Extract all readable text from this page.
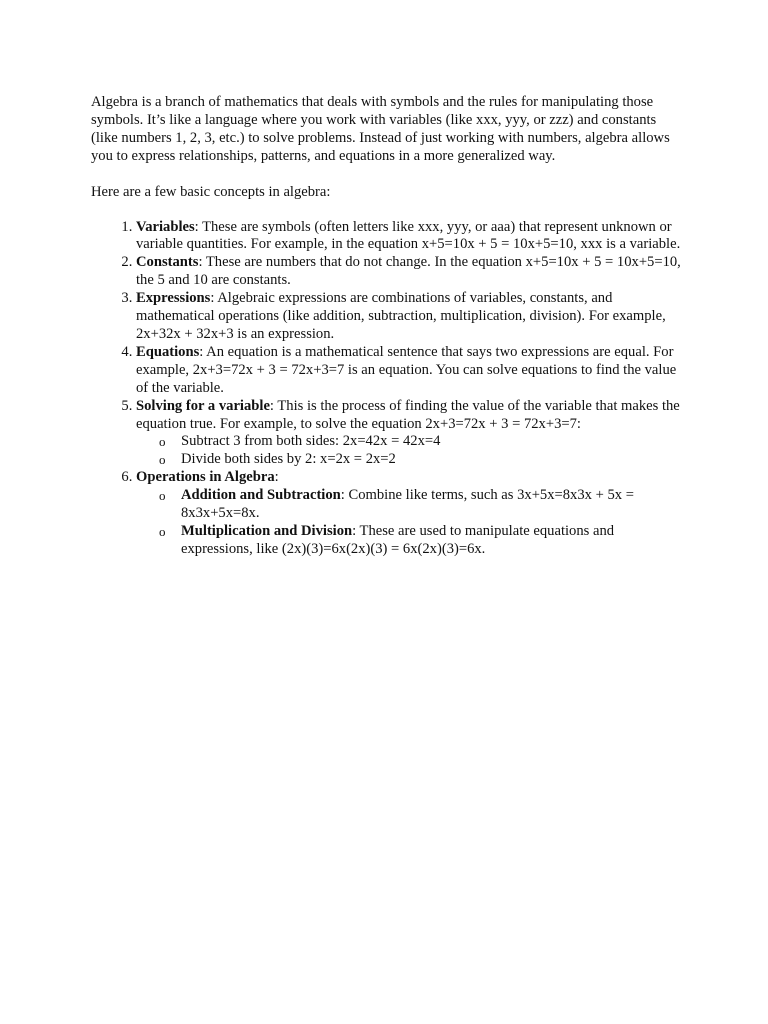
Algebra is a branch of mathematics that deals with symbols and the rules for manipulating those symbols. It’s like a language where you work with variables (like xxx, yyy, or zzz) and constants (like numbers 1, 2, 3, etc.) to solve problems. Instead of just working with numbers, algebra allows you to express relationships, patterns, and equations in a more generalized way.

Here are a few basic concepts in algebra:

1. Variables: These are symbols (often letters like xxx, yyy, or aaa) that represent unknown or variable quantities. For example, in the equation x+5=10x + 5 = 10x+5=10, xxx is a variable.
2. Constants: These are numbers that do not change. In the equation x+5=10x + 5 = 10x+5=10, the 5 and 10 are constants.
3. Expressions: Algebraic expressions are combinations of variables, constants, and mathematical operations (like addition, subtraction, multiplication, division). For example, 2x+32x + 32x+3 is an expression.
4. Equations: An equation is a mathematical sentence that says two expressions are equal. For example, 2x+3=72x + 3 = 72x+3=7 is an equation. You can solve equations to find the value of the variable.
5. Solving for a variable: This is the process of finding the value of the variable that makes the equation true. For example, to solve the equation 2x+3=72x + 3 = 72x+3=7:
o Subtract 3 from both sides: 2x=42x = 42x=4
o Divide both sides by 2: x=2x = 2x=2
6. Operations in Algebra:
o Addition and Subtraction: Combine like terms, such as 3x+5x=8x3x + 5x = 8x3x+5x=8x.
o Multiplication and Division: These are used to manipulate equations and expressions, like (2x)(3)=6x(2x)(3) = 6x(2x)(3)=6x.
